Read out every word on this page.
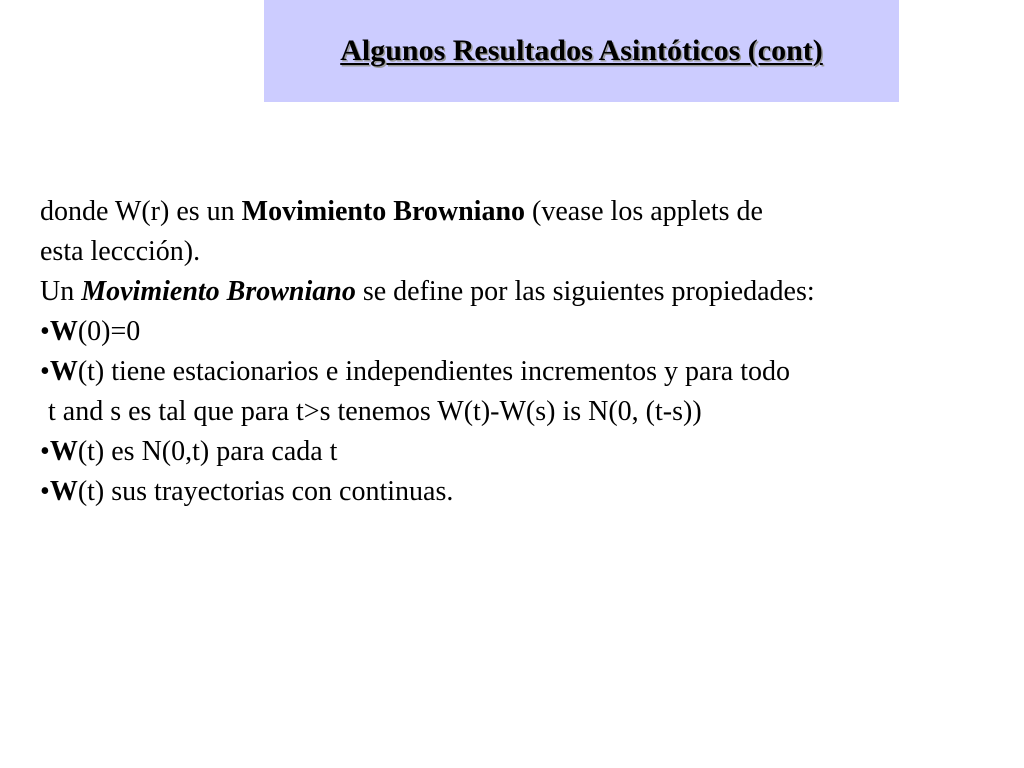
Algunos Resultados Asintóticos (cont)
donde W(r) es un Movimiento Browniano (vease los applets de
esta leccción).
Un Movimiento Browniano se define por las siguientes propiedades:
•W(0)=0
•W(t) tiene estacionarios e independientes incrementos y para todo
t and s es tal que para t>s tenemos W(t)-W(s) is N(0, (t-s))
•W(t) es N(0,t) para cada t
•W(t) sus trayectorias con continuas.
